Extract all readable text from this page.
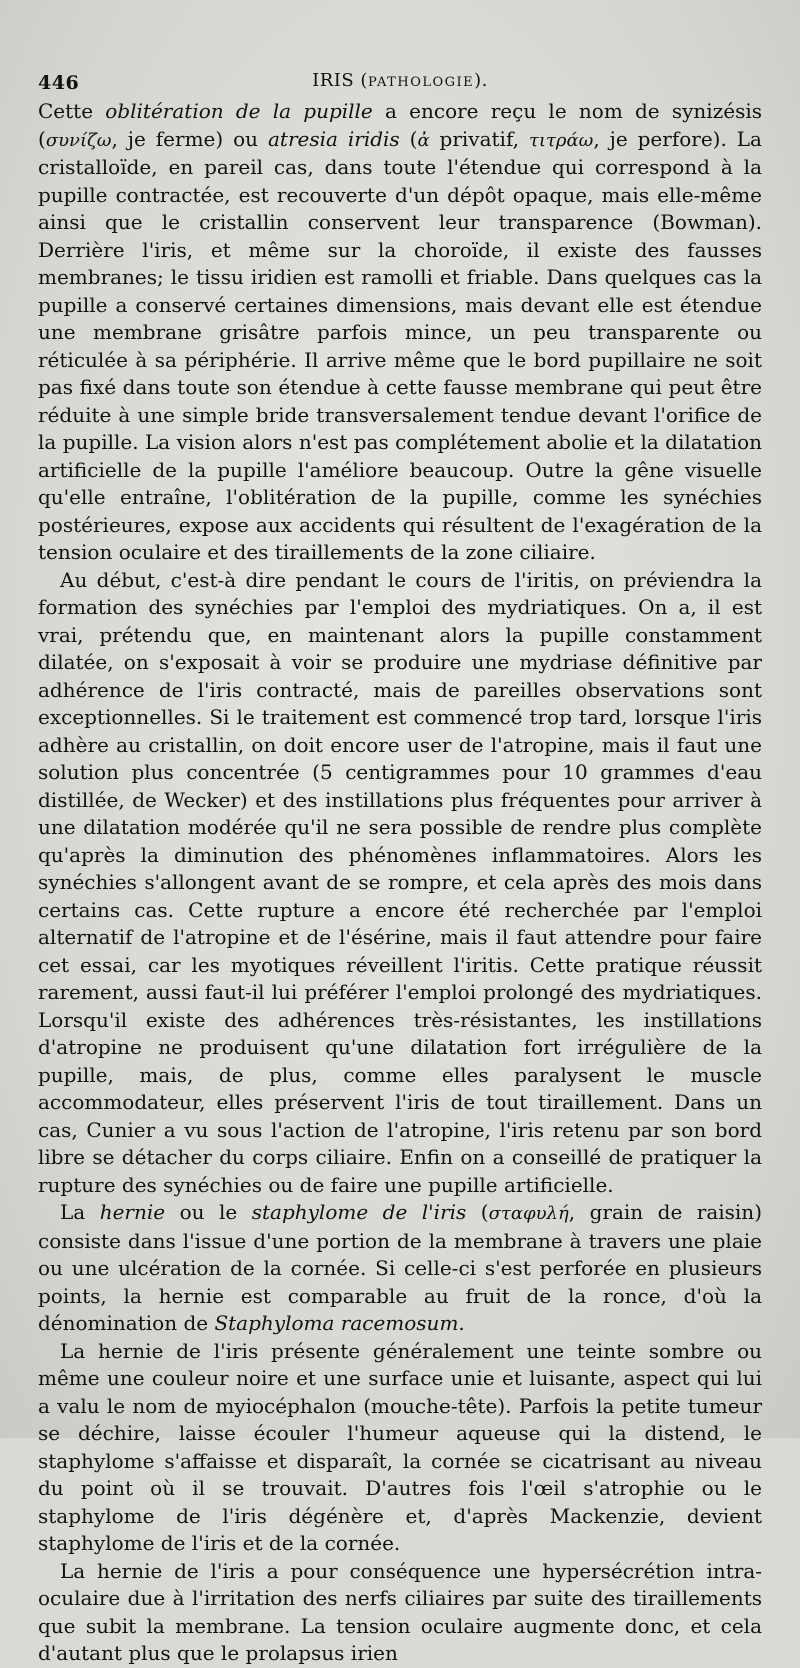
446	IRIS (PATHOLOGIE).

Cette oblitération de la pupille a encore reçu le nom de synizésis (συνίζω, je ferme) ou atresia iridis (ἀ privatif, τιτράω, je perfore). La cristalloïde, en pareil cas, dans toute l'étendue qui correspond à la pupille contractée, est recouverte d'un dépôt opaque, mais elle-même ainsi que le cristallin conservent leur transparence (Bowman). Derrière l'iris, et même sur la choroïde, il existe des fausses membranes; le tissu iridien est ramolli et friable. Dans quelques cas la pupille a conservé certaines dimensions, mais devant elle est étendue une membrane grisâtre parfois mince, un peu transparente ou réticulée à sa périphérie. Il arrive même que le bord pupillaire ne soit pas fixé dans toute son étendue à cette fausse membrane qui peut être réduite à une simple bride transversalement tendue devant l'orifice de la pupille. La vision alors n'est pas complétement abolie et la dilatation artificielle de la pupille l'améliore beaucoup. Outre la gêne visuelle qu'elle entraîne, l'oblitération de la pupille, comme les synéchies postérieures, expose aux accidents qui résultent de l'exagération de la tension oculaire et des tiraillements de la zone ciliaire.

Au début, c'est-à dire pendant le cours de l'iritis, on préviendra la formation des synéchies par l'emploi des mydriatiques. On a, il est vrai, prétendu que, en maintenant alors la pupille constamment dilatée, on s'exposait à voir se produire une mydriase définitive par adhérence de l'iris contracté, mais de pareilles observations sont exceptionnelles. Si le traitement est commencé trop tard, lorsque l'iris adhère au cristallin, on doit encore user de l'atropine, mais il faut une solution plus concentrée (5 centigrammes pour 10 grammes d'eau distillée, de Wecker) et des instillations plus fréquentes pour arriver à une dilatation modérée qu'il ne sera possible de rendre plus complète qu'après la diminution des phénomènes inflammatoires. Alors les synéchies s'allongent avant de se rompre, et cela après des mois dans certains cas. Cette rupture a encore été recherchée par l'emploi alternatif de l'atropine et de l'ésérine, mais il faut attendre pour faire cet essai, car les myotiques réveillent l'iritis. Cette pratique réussit rarement, aussi faut-il lui préférer l'emploi prolongé des mydriatiques. Lorsqu'il existe des adhérences très-résistantes, les instillations d'atropine ne produisent qu'une dilatation fort irrégulière de la pupille, mais, de plus, comme elles paralysent le muscle accommodateur, elles préservent l'iris de tout tiraillement. Dans un cas, Cunier a vu sous l'action de l'atropine, l'iris retenu par son bord libre se détacher du corps ciliaire. Enfin on a conseillé de pratiquer la rupture des synéchies ou de faire une pupille artificielle.

La hernie ou le staphylome de l'iris (σταφυλή, grain de raisin) consiste dans l'issue d'une portion de la membrane à travers une plaie ou une ulcération de la cornée. Si celle-ci s'est perforée en plusieurs points, la hernie est comparable au fruit de la ronce, d'où la dénomination de Staphyloma racemosum.

La hernie de l'iris présente généralement une teinte sombre ou même une couleur noire et une surface unie et luisante, aspect qui lui a valu le nom de myiocéphalon (mouche-tête). Parfois la petite tumeur se déchire, laisse écouler l'humeur aqueuse qui la distend, le staphylome s'affaisse et disparaît, la cornée se cicatrisant au niveau du point où il se trouvait. D'autres fois l'œil s'atrophie ou le staphylome de l'iris dégénère et, d'après Mackenzie, devient staphylome de l'iris et de la cornée.

La hernie de l'iris a pour conséquence une hypersécrétion intra-oculaire due à l'irritation des nerfs ciliaires par suite des tiraillements que subit la membrane. La tension oculaire augmente donc, et cela d'autant plus que le prolapsus irien
